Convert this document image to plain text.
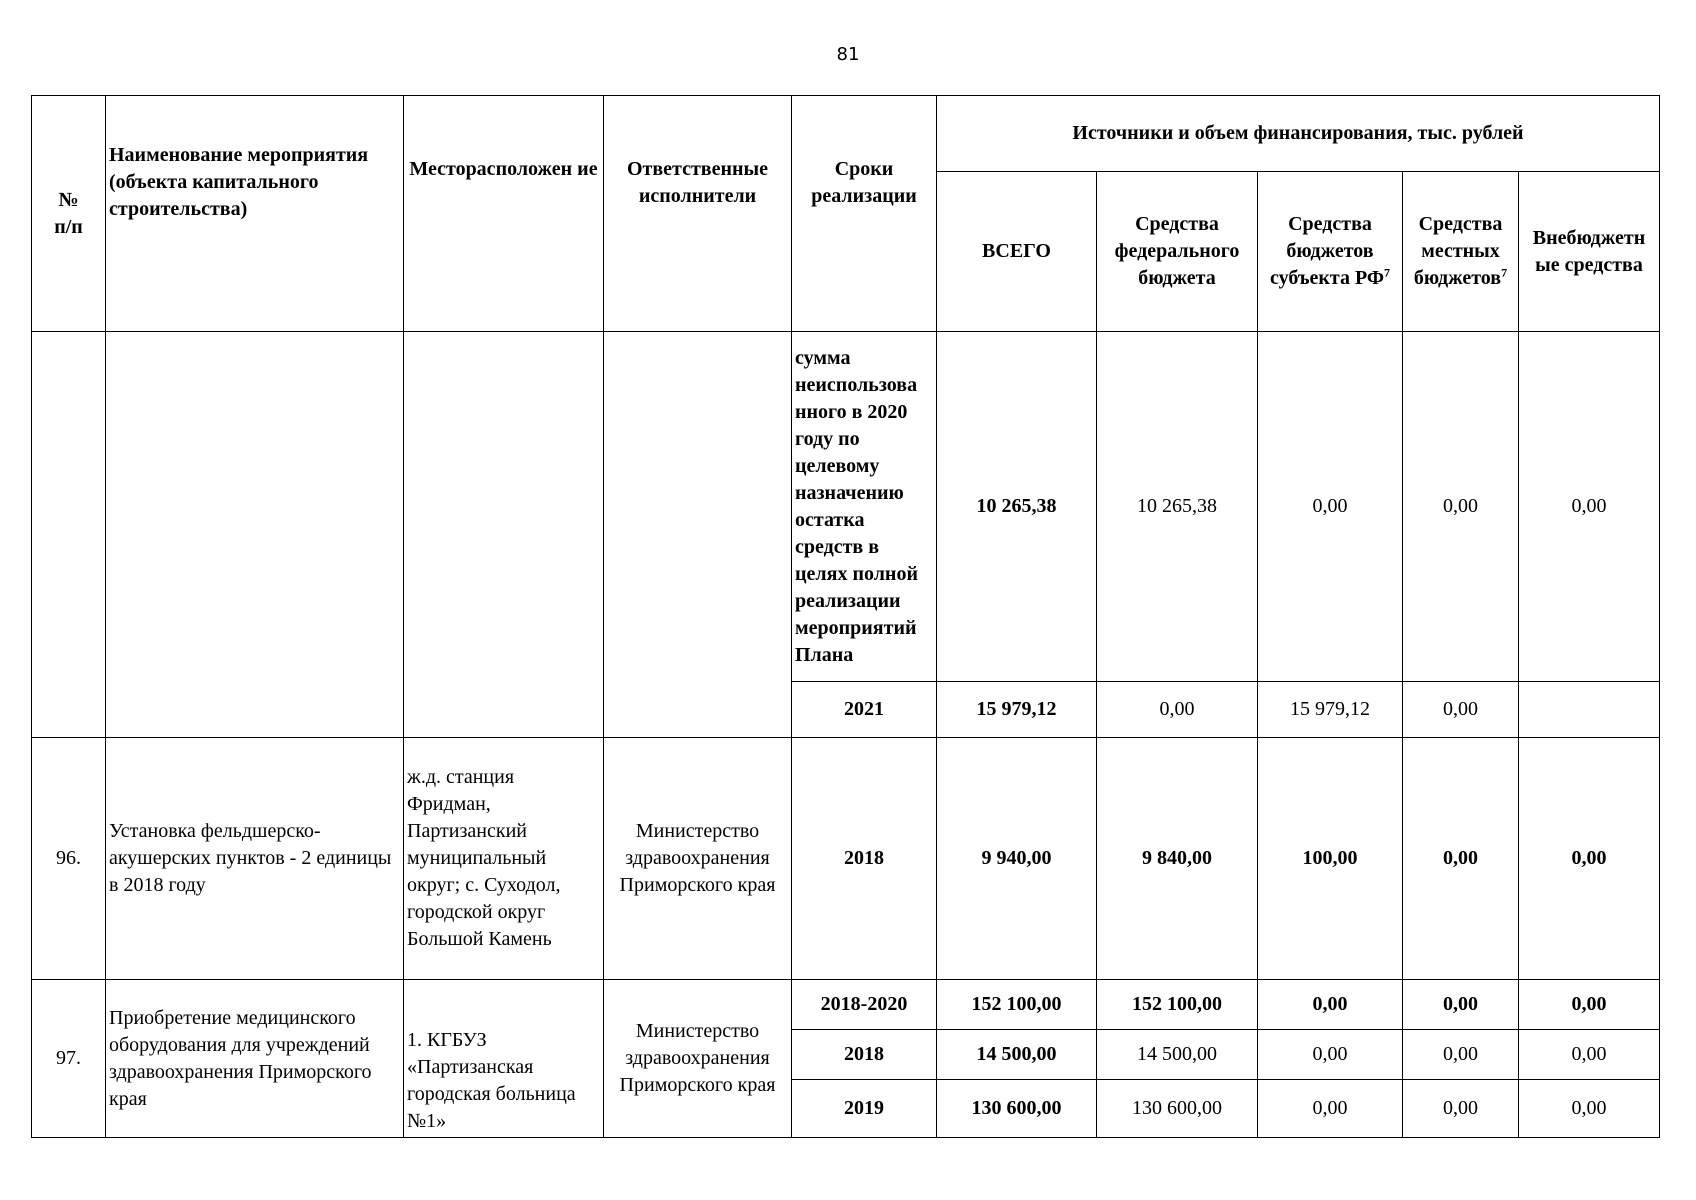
81
№
п/п	Наименование мероприятия (объекта капитального строительства)	Месторасположен ие	Ответственные исполнители	Сроки реализации	Источники и объем финансирования, тыс. рублей				
					ВСЕГО	Средства федерального бюджета	Средства бюджетов субъекта $РФ^7$	Средства местных бюджетов$^7$	Внебюджетн ые средства
				сумма неиспользова нного в 2020 году по целевому назначению остатка средств в целях полной реализации мероприятий Плана	10 265,38	10 265,38	0,00	0,00	0,00
				2021	15 979,12	0,00	15 979,12	0,00	
96.	Установка фельдшерско-акушерских пунктов - 2 единицы в 2018 году	ж.д. станция Фридман, Партизанский муниципальный округ; с. Суходол, городской округ Большой Камень	Министерство здравоохранения Приморского края	2018	9 940,00	9 840,00	100,00	0,00	0,00
97.	Приобретение медицинского оборудования для учреждений здравоохранения Приморского края	1. КГБУЗ «Партизанская городская больница №1»	Министерство здравоохранения Приморского края	2018-2020	152 100,00	152 100,00	0,00	0,00	0,00
				2018	14 500,00	14 500,00	0,00	0,00	0,00
				2019	130 600,00	130 600,00	0,00	0,00	0,00
